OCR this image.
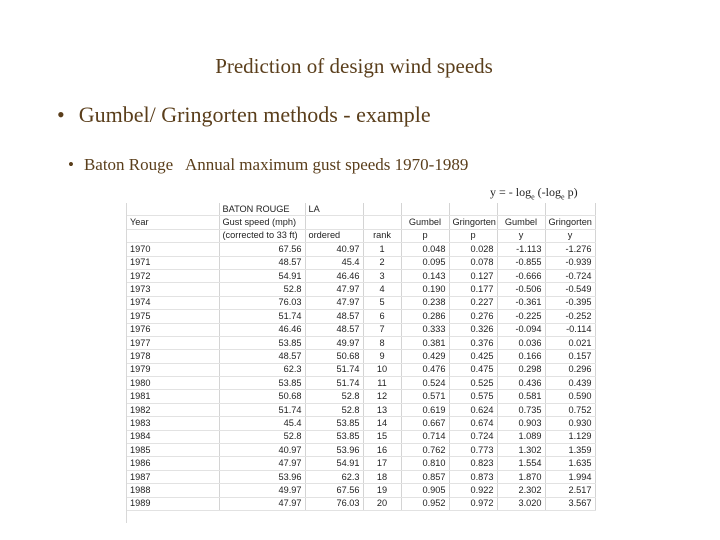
Prediction of design wind speeds
• Gumbel/ Gringorten methods - example
• Baton Rouge   Annual maximum gust speeds 1970-1989
y = - $\log_e (-\log_e$ p)
	BATON ROUGE	LA					
Year	Gust speed (mph)			Gumbel	Gringorten	Gumbel	Gringorten
	(corrected to 33 ft)	ordered	rank	p	p	y	y
1970	67.56	40.97	1	0.048	0.028	-1.113	-1.276
1971	48.57	45.4	2	0.095	0.078	-0.855	-0.939
1972	54.91	46.46	3	0.143	0.127	-0.666	-0.724
1973	52.8	47.97	4	0.190	0.177	-0.506	-0.549
1974	76.03	47.97	5	0.238	0.227	-0.361	-0.395
1975	51.74	48.57	6	0.286	0.276	-0.225	-0.252
1976	46.46	48.57	7	0.333	0.326	-0.094	-0.114
1977	53.85	49.97	8	0.381	0.376	0.036	0.021
1978	48.57	50.68	9	0.429	0.425	0.166	0.157
1979	62.3	51.74	10	0.476	0.475	0.298	0.296
1980	53.85	51.74	11	0.524	0.525	0.436	0.439
1981	50.68	52.8	12	0.571	0.575	0.581	0.590
1982	51.74	52.8	13	0.619	0.624	0.735	0.752
1983	45.4	53.85	14	0.667	0.674	0.903	0.930
1984	52.8	53.85	15	0.714	0.724	1.089	1.129
1985	40.97	53.96	16	0.762	0.773	1.302	1.359
1986	47.97	54.91	17	0.810	0.823	1.554	1.635
1987	53.96	62.3	18	0.857	0.873	1.870	1.994
1988	49.97	67.56	19	0.905	0.922	2.302	2.517
1989	47.97	76.03	20	0.952	0.972	3.020	3.567
